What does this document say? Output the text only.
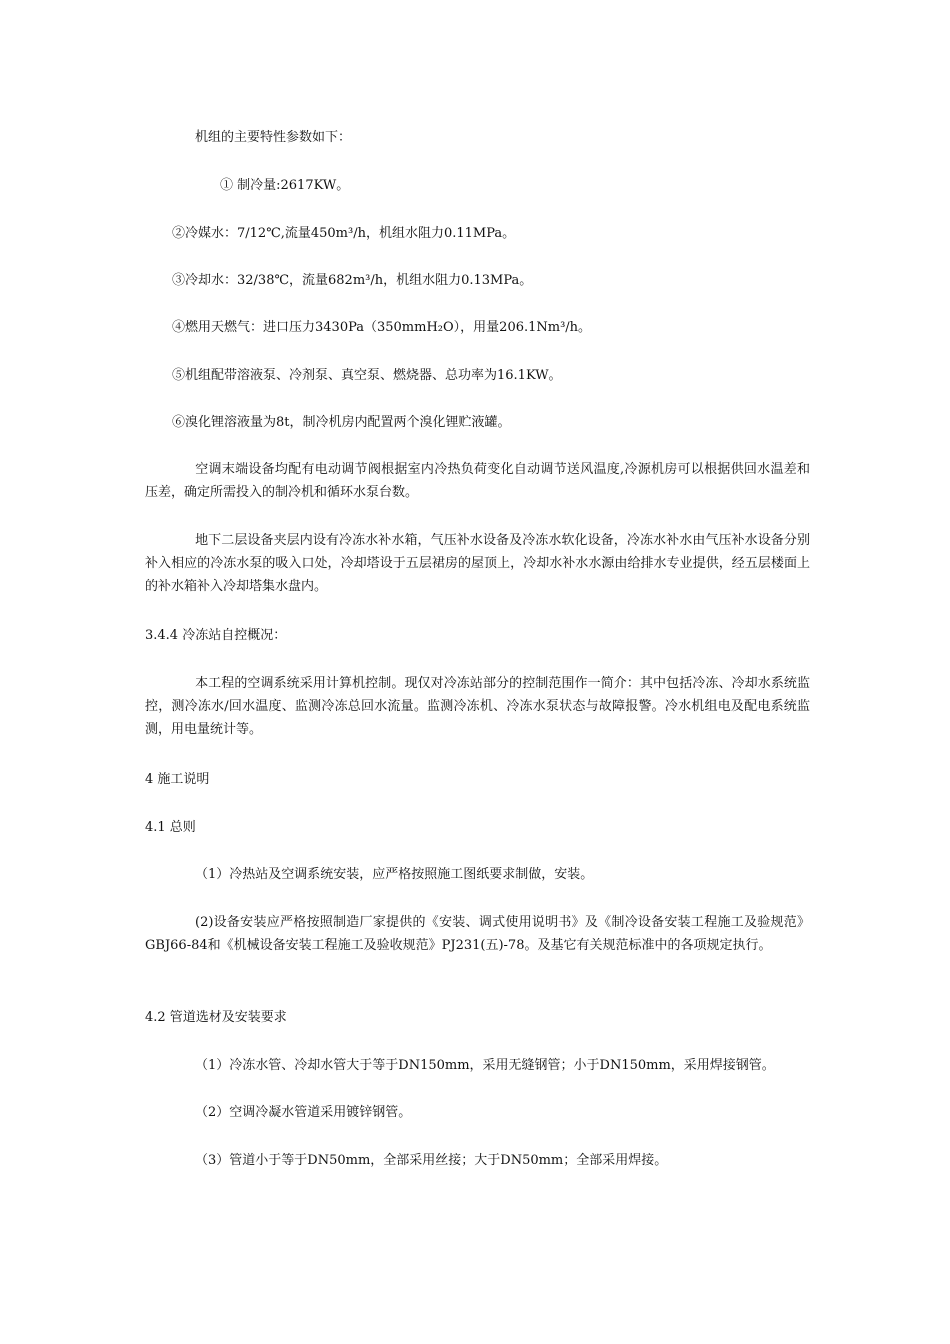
机组的主要特性参数如下：
① 制冷量:2617KW。
②冷媒水：7/12℃,流量450m³/h，机组水阻力0.11MPa。
③冷却水：32/38℃，流量682m³/h，机组水阻力0.13MPa。
④燃用天燃气：进口压力3430Pa（350mmH₂O），用量206.1Nm³/h。
⑤机组配带溶液泵、冷剂泵、真空泵、燃烧器、总功率为16.1KW。
⑥溴化锂溶液量为8t，制冷机房内配置两个溴化锂贮液罐。
空调末端设备均配有电动调节阀根据室内冷热负荷变化自动调节送风温度,冷源机房可以根据供回水温差和压差，确定所需投入的制冷机和循环水泵台数。
地下二层设备夹层内设有冷冻水补水箱，气压补水设备及冷冻水软化设备，冷冻水补水由气压补水设备分别补入相应的冷冻水泵的吸入口处，冷却塔设于五层裙房的屋顶上，冷却水补水水源由给排水专业提供，经五层楼面上的补水箱补入冷却塔集水盘内。
3.4.4 冷冻站自控概况：
本工程的空调系统采用计算机控制。现仅对冷冻站部分的控制范围作一简介：其中包括冷冻、冷却水系统监控，测冷冻水/回水温度、监测冷冻总回水流量。监测冷冻机、冷冻水泵状态与故障报警。冷水机组电及配电系统监测，用电量统计等。
4 施工说明
4.1 总则
（1）冷热站及空调系统安装，应严格按照施工图纸要求制做，安装。
(2)设备安装应严格按照制造厂家提供的《安装、调式使用说明书》及《制冷设备安装工程施工及验规范》GBJ66-84和《机械设备安装工程施工及验收规范》PJ231(五)-78。及基它有关规范标准中的各项规定执行。
4.2 管道选材及安装要求
（1）冷冻水管、冷却水管大于等于DN150mm，采用无缝钢管；小于DN150mm，采用焊接钢管。
（2）空调冷凝水管道采用镀锌钢管。
（3）管道小于等于DN50mm，全部采用丝接；大于DN50mm；全部采用焊接。
